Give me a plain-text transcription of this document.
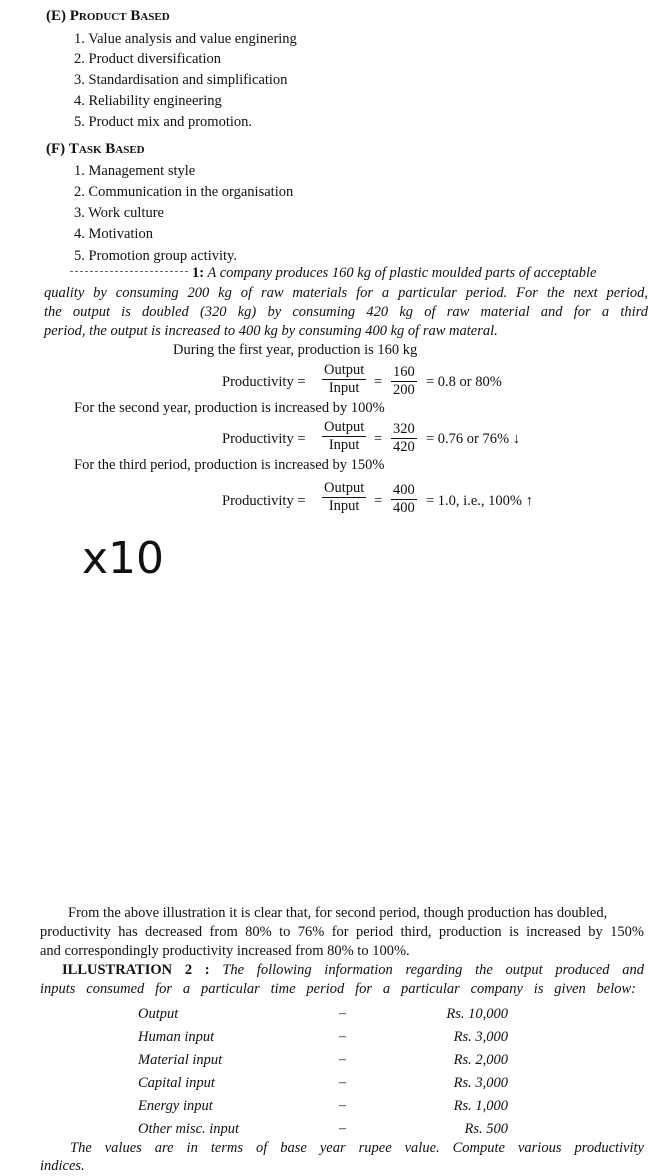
(E) Product Based
1. Value analysis and value enginering
2. Product diversification
3. Standardisation and simplification
4. Reliability engineering
5. Product mix and promotion.
(F) Task Based
1. Management style
2. Communication in the organisation
3. Work culture
4. Motivation
5. Promotion group activity.
1: A company produces 160 kg of plastic moulded parts of acceptable
quality by consuming 200 kg of raw materials for a particular period. For the next period,
the output is doubled (320 kg) by consuming 420 kg of raw material and for a third
period, the output is increased to 400 kg by consuming 400 kg of raw materal.
During the first year, production is 160 kg
Productivity =
Output
Input	= $\frac{160}{200} = 0.8$ or 80%
For the second year, production is increased by 100%
Productivity =
Output
Input	= $\frac{320}{420} = 0.76$ or 76% ↓
For the third period, production is increased by 150%
Productivity =
Output
Input	= $\frac{400}{400} = 1.0$, i.e., 100% ↑
x10
From the above illustration it is clear that, for second period, though production has doubled,
productivity has decreased from 80% to 76% for period third, production is increased by 150%
and correspondingly productivity increased from 80% to 100%.
ILLUSTRATION 2 : The following information regarding the output produced and
inputs consumed for a particular time period for a particular company is given below:
Output	–	Rs. 10,000
Human input	–	Rs. 3,000
Material input	–	Rs. 2,000
Capital input	–	Rs. 3,000
Energy input	–	Rs. 1,000
Other misc. input	–	Rs. 500
The values are in terms of base year rupee value. Compute various productivity
indices.
